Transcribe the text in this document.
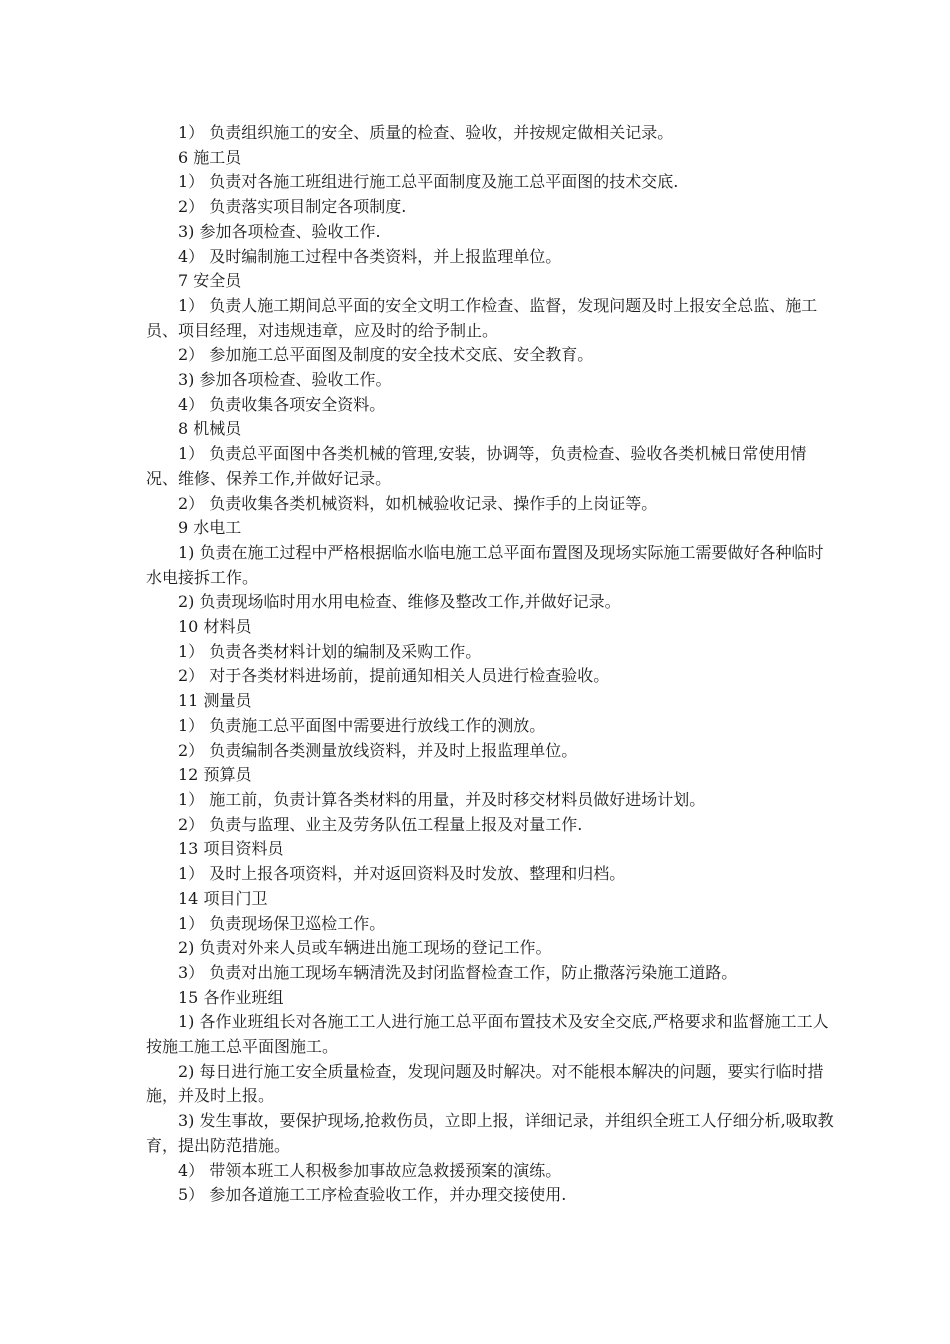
1） 负责组织施工的安全、质量的检查、验收，并按规定做相关记录。

6 施工员

1） 负责对各施工班组进行施工总平面制度及施工总平面图的技术交底.

2） 负责落实项目制定各项制度.

3) 参加各项检查、验收工作.

4） 及时编制施工过程中各类资料，并上报监理单位。

7 安全员

1） 负责人施工期间总平面的安全文明工作检查、监督，发现问题及时上报安全总监、施工员、项目经理，对违规违章，应及时的给予制止。

2） 参加施工总平面图及制度的安全技术交底、安全教育。

3) 参加各项检查、验收工作。

4） 负责收集各项安全资料。

8 机械员

1） 负责总平面图中各类机械的管理,安装，协调等，负责检查、验收各类机械日常使用情况、维修、保养工作,并做好记录。

2） 负责收集各类机械资料，如机械验收记录、操作手的上岗证等。

9 水电工

1) 负责在施工过程中严格根据临水临电施工总平面布置图及现场实际施工需要做好各种临时水电接拆工作。

2) 负责现场临时用水用电检查、维修及整改工作,并做好记录。

10 材料员

1） 负责各类材料计划的编制及采购工作。

2） 对于各类材料进场前，提前通知相关人员进行检查验收。

11 测量员

1） 负责施工总平面图中需要进行放线工作的测放。

2） 负责编制各类测量放线资料，并及时上报监理单位。

12 预算员

1） 施工前，负责计算各类材料的用量，并及时移交材料员做好进场计划。

2） 负责与监理、业主及劳务队伍工程量上报及对量工作.

13 项目资料员

1） 及时上报各项资料，并对返回资料及时发放、整理和归档。

14 项目门卫

1） 负责现场保卫巡检工作。

2) 负责对外来人员或车辆进出施工现场的登记工作。

3） 负责对出施工现场车辆清洗及封闭监督检查工作，防止撒落污染施工道路。

15 各作业班组

1) 各作业班组长对各施工工人进行施工总平面布置技术及安全交底,严格要求和监督施工工人按施工施工总平面图施工。

2) 每日进行施工安全质量检查，发现问题及时解决。对不能根本解决的问题，要实行临时措施，并及时上报。

3) 发生事故，要保护现场,抢救伤员，立即上报，详细记录，并组织全班工人仔细分析,吸取教育，提出防范措施。

4） 带领本班工人积极参加事故应急救援预案的演练。

5） 参加各道施工工序检查验收工作，并办理交接使用.
